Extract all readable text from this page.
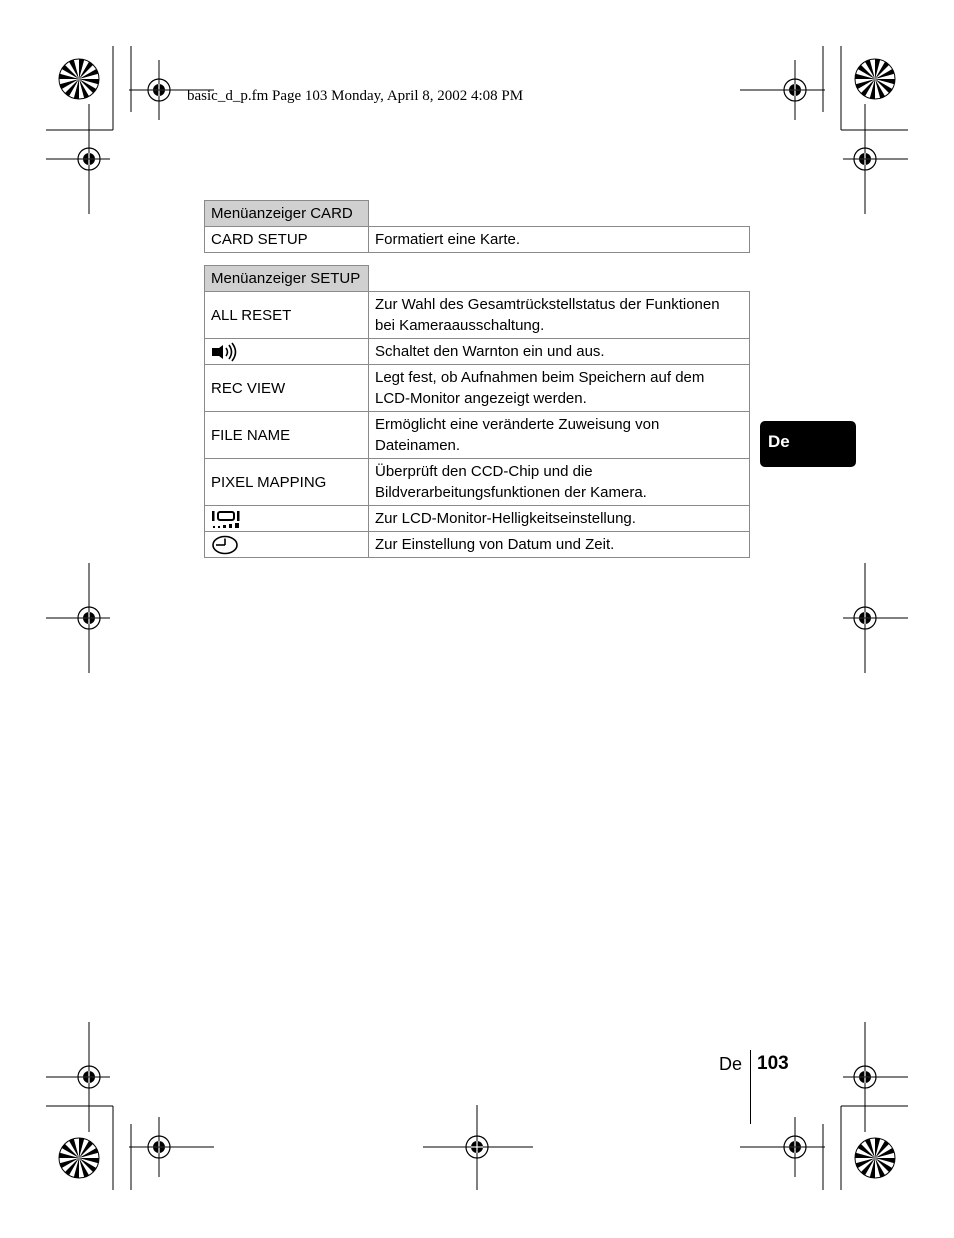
basic_d_p.fm Page 103 Monday, April 8, 2002 4:08 PM
Menüanzeiger CARD	
CARD SETUP	Formatiert eine Karte.
Menüanzeiger SETUP	
ALL RESET	Zur Wahl des Gesamtrückstellstatus der Funktionen bei Kameraausschaltung.
	Schaltet den Warnton ein und aus.
REC VIEW	Legt fest, ob Aufnahmen beim Speichern auf dem LCD-Monitor angezeigt werden.
FILE NAME	Ermöglicht eine veränderte Zuweisung von Dateinamen.
PIXEL MAPPING	Überprüft den CCD-Chip und die Bildverarbeitungsfunktionen der Kamera.
	Zur LCD-Monitor-Helligkeitseinstellung.
	Zur Einstellung von Datum und Zeit.
De
De 103
